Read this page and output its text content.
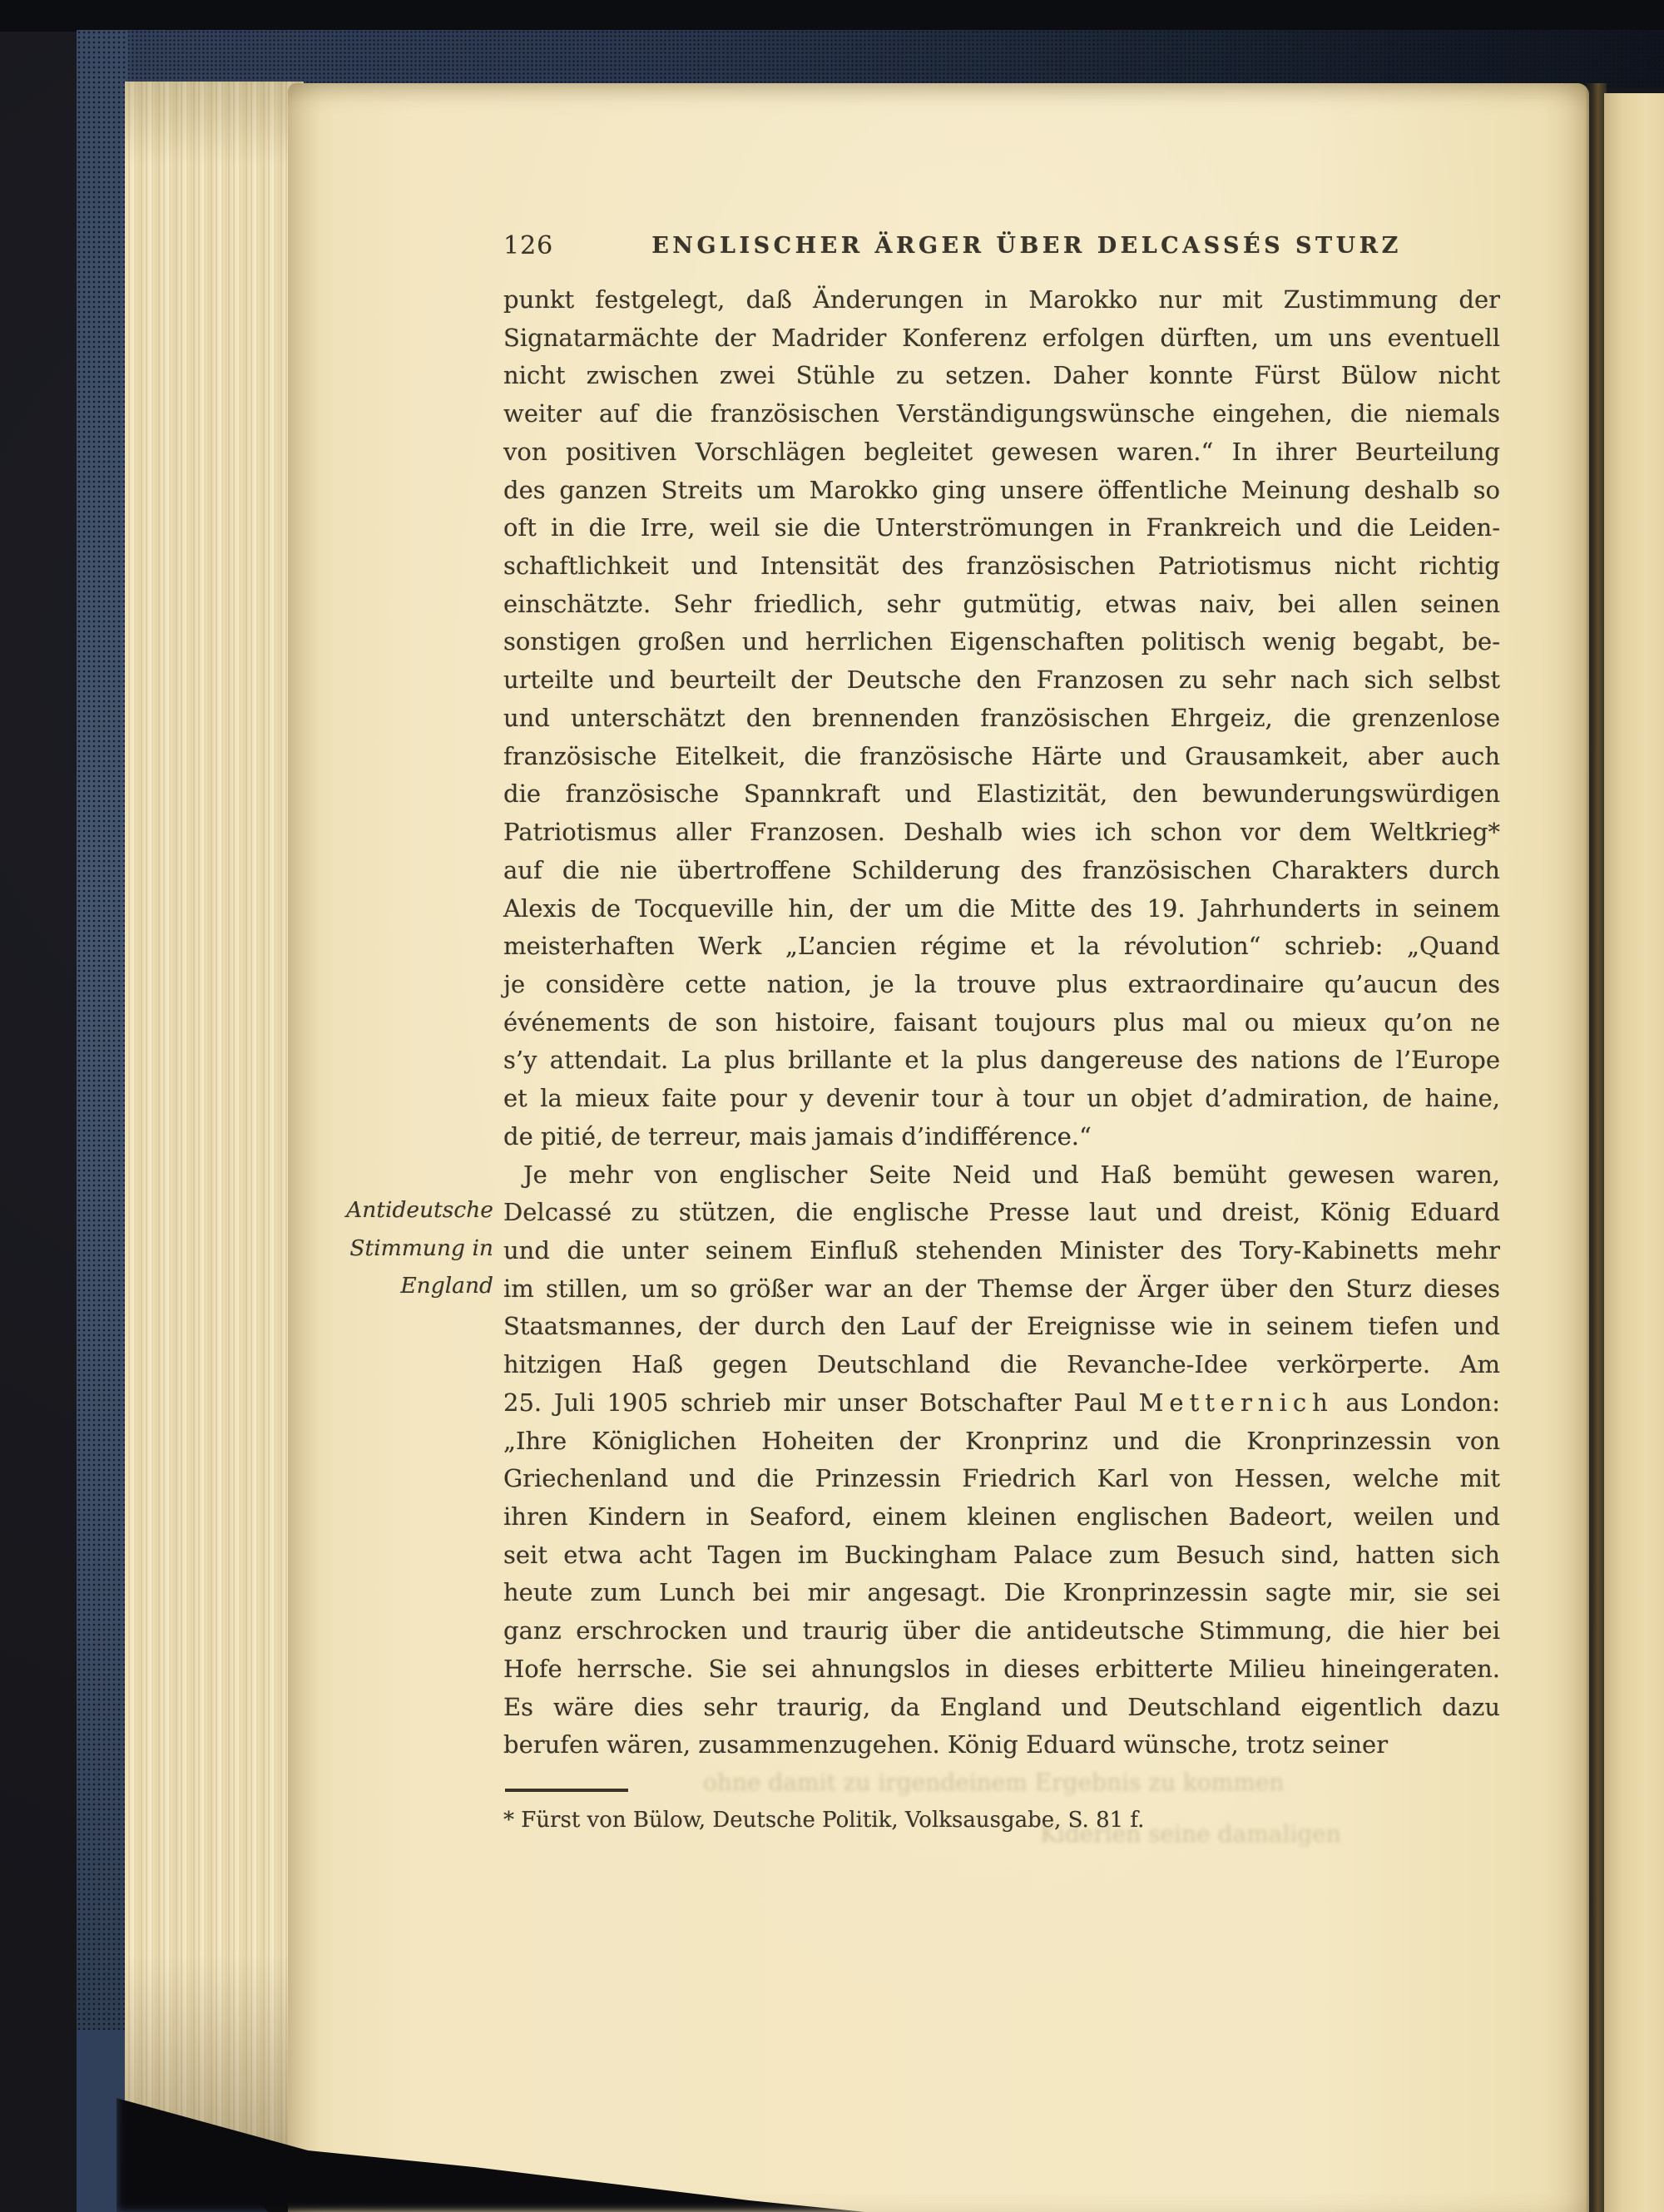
126	ENGLISCHER ÄRGER ÜBER DELCASSÉS STURZ
Antideutsche
Stimmung in
England
punkt festgelegt, daß Änderungen in Marokko nur mit Zustimmung der
Signatarmächte der Madrider Konferenz erfolgen dürften, um uns eventuell
nicht zwischen zwei Stühle zu setzen. Daher konnte Fürst Bülow nicht
weiter auf die französischen Verständigungswünsche eingehen, die niemals
von positiven Vorschlägen begleitet gewesen waren.“ In ihrer Beurteilung
des ganzen Streits um Marokko ging unsere öffentliche Meinung deshalb so
oft in die Irre, weil sie die Unterströmungen in Frankreich und die Leiden-
schaftlichkeit und Intensität des französischen Patriotismus nicht richtig
einschätzte. Sehr friedlich, sehr gutmütig, etwas naiv, bei allen seinen
sonstigen großen und herrlichen Eigenschaften politisch wenig begabt, be-
urteilte und beurteilt der Deutsche den Franzosen zu sehr nach sich selbst
und unterschätzt den brennenden französischen Ehrgeiz, die grenzenlose
französische Eitelkeit, die französische Härte und Grausamkeit, aber auch
die französische Spannkraft und Elastizität, den bewunderungswürdigen
Patriotismus aller Franzosen. Deshalb wies ich schon vor dem Weltkrieg*
auf die nie übertroffene Schilderung des französischen Charakters durch
Alexis de Tocqueville hin, der um die Mitte des 19. Jahrhunderts in seinem
meisterhaften Werk „L’ancien régime et la révolution“ schrieb: „Quand
je considère cette nation, je la trouve plus extraordinaire qu’aucun des
événements de son histoire, faisant toujours plus mal ou mieux qu’on ne
s’y attendait. La plus brillante et la plus dangereuse des nations de l’Europe
et la mieux faite pour y devenir tour à tour un objet d’admiration, de haine,
de pitié, de terreur, mais jamais d’indifférence.“
Je mehr von englischer Seite Neid und Haß bemüht gewesen waren,
Delcassé zu stützen, die englische Presse laut und dreist, König Eduard
und die unter seinem Einfluß stehenden Minister des Tory-Kabinetts mehr
im stillen, um so größer war an der Themse der Ärger über den Sturz dieses
Staatsmannes, der durch den Lauf der Ereignisse wie in seinem tiefen und
hitzigen Haß gegen Deutschland die Revanche-Idee verkörperte. Am
25. Juli 1905 schrieb mir unser Botschafter Paul Metternich aus London:
„Ihre Königlichen Hoheiten der Kronprinz und die Kronprinzessin von
Griechenland und die Prinzessin Friedrich Karl von Hessen, welche mit
ihren Kindern in Seaford, einem kleinen englischen Badeort, weilen und
seit etwa acht Tagen im Buckingham Palace zum Besuch sind, hatten sich
heute zum Lunch bei mir angesagt. Die Kronprinzessin sagte mir, sie sei
ganz erschrocken und traurig über die antideutsche Stimmung, die hier bei
Hofe herrsche. Sie sei ahnungslos in dieses erbitterte Milieu hineingeraten.
Es wäre dies sehr traurig, da England und Deutschland eigentlich dazu
berufen wären, zusammenzugehen. König Eduard wünsche, trotz seiner
* Fürst von Bülow, Deutsche Politik, Volksausgabe, S. 81 f.
ohne damit zu irgendeinem Ergebnis zu kommen
Kiderlen seine damaligen
